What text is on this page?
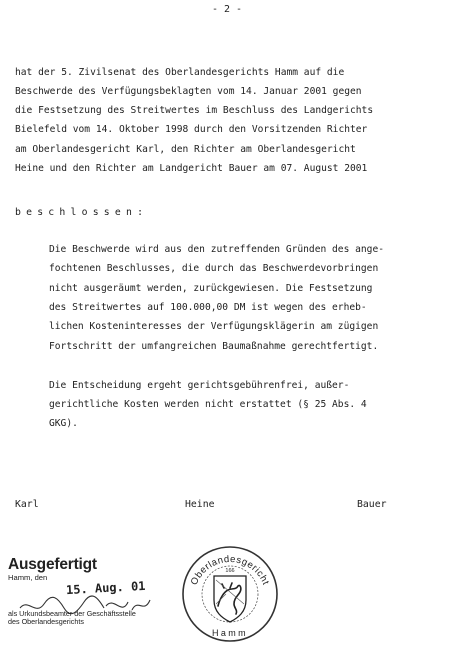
- 2 -
hat der 5. Zivilsenat des Oberlandesgerichts Hamm auf die
Beschwerde des Verfügungsbeklagten vom 14. Januar 2001 gegen
die Festsetzung des Streitwertes im Beschluss des Landgerichts
Bielefeld vom 14. Oktober 1998 durch den Vorsitzenden Richter
am Oberlandesgericht Karl, den Richter am Oberlandesgericht
Heine und den Richter am Landgericht Bauer am 07. August 2001
beschlossen:
Die Beschwerde wird aus den zutreffenden Gründen des ange-
fochtenen Beschlusses, die durch das Beschwerdevorbringen
nicht ausgeräumt werden, zurückgewiesen. Die Festsetzung
des Streitwertes auf 100.000,00 DM ist wegen des erheb-
lichen Kosteninteresses der Verfügungsklägerin am zügigen
Fortschritt der umfangreichen Baumaßnahme gerechtfertigt.
Die Entscheidung ergeht gerichtsgebührenfrei, außer-
gerichtliche Kosten werden nicht erstattet (§ 25 Abs. 4
GKG).
Karl	Heine	Bauer
Ausgefertigt
Hamm, den
15. Aug. 01
als Urkundsbeamter der Geschäftsstelle
des Oberlandesgerichts
Oberlandesgericht
166
Hamm
